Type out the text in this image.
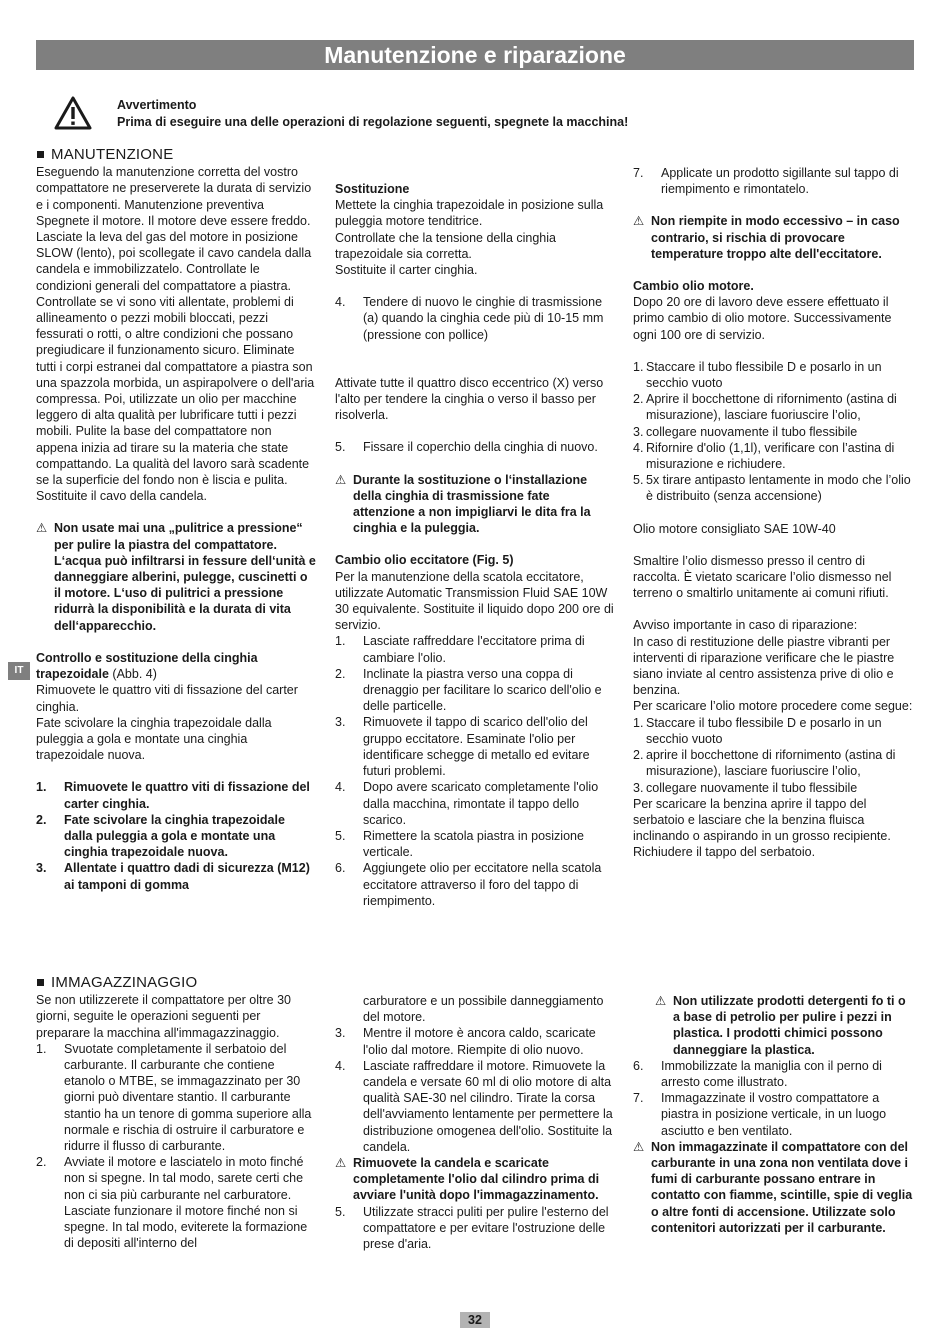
Manutenzione e riparazione
Avvertimento
Prima di eseguire una delle operazioni di regolazione seguenti, spegnete la macchina!
IT
MANUTENZIONE

Eseguendo la manutenzione corretta del vostro compattatore ne preserverete la durata di servizio e i componenti. Manutenzione preventiva Spegnete il motore. Il motore deve essere freddo. Lasciate la leva del gas del motore in posizione SLOW (lento), poi scollegate il cavo candela dalla candela e immobilizzatelo. Controllate le condizioni generali del compattatore a piastra. Controllate se vi sono viti allentate, problemi di allineamento o pezzi mobili bloccati, pezzi fessurati o rotti, o altre condizioni che possano pregiudicare il funzionamento sicuro. Eliminate tutti i corpi estranei dal compattatore a piastra son una spazzola morbida, un aspirapolvere o dell'aria compressa. Poi, utilizzate un olio per macchine leggero di alta qualità per lubrificare tutti i pezzi mobili. Pulite la base del compattatore non appena inizia ad tirare su la materia che state compattando. La qualità del lavoro sarà scadente se la superficie del fondo non è liscia e pulita. Sostituite il cavo della candela.

⚠ Non usate mai una „pulitrice a pressione“ per pulire la piastra del compattatore. L‘acqua può infiltrarsi in fessure dell‘unità e danneggiare alberini, pulegge, cuscinetti o il motore. L‘uso di pulitrici a pressione ridurrà la disponibilità e la durata di vita dell‘apparecchio.

Controllo e sostituzione della cinghia trapezoidale (Abb. 4)

Rimuovete le quattro viti di fissazione del carter cinghia.

Fate scivolare la cinghia trapezoidale dalla puleggia a gola e montate una cinghia trapezoidale nuova.

1.	Rimuovete le quattro viti di fissazione del carter cinghia.
2.	Fate scivolare la cinghia trapezoidale dalla puleggia a gola e montate una cinghia trapezoidale nuova.
3.	Allentate i quattro dadi di sicurezza (M12) ai tamponi di gomma

Sostituzione

Mettete la cinghia trapezoidale in posizione sulla puleggia motore tenditrice.

Controllate che la tensione della cinghia trapezoidale sia corretta.

Sostituite il carter cinghia.

4.	Tendere di nuovo le cinghie di trasmissione (a) quando la cinghia cede più di 10-15 mm (pressione con pollice)

Attivate tutte il quattro disco eccentrico (X) verso l'alto per tendere la cinghia o verso il basso per risolverla.

5.	Fissare il coperchio della cinghia di nuovo.
⚠ Durante la sostituzione o l‘installazione della cinghia di trasmissione fate attenzione a non impigliarvi le dita fra la cinghia e la puleggia.

Cambio olio eccitatore (Fig. 5)

Per la manutenzione della scatola eccitatore, utilizzate Automatic Transmission Fluid SAE 10W 30 equivalente. Sostituite il liquido dopo 200 ore di servizio.

1.	Lasciate raffreddare l'eccitatore prima di cambiare l'olio.
2.	Inclinate la piastra verso una coppa di drenaggio per facilitare lo scarico dell'olio e delle particelle.
3.	Rimuovete il tappo di scarico dell'olio del gruppo eccitatore. Esaminate l'olio per identificare schegge di metallo ed evitare futuri problemi.
4.	Dopo avere scaricato completamente l'olio dalla macchina, rimontate il tappo dello scarico.
5.	Rimettere la scatola piastra in posizione verticale.
6.	Aggiungete olio per eccitatore nella scatola eccitatore attraverso il foro del tappo di riempimento.
7.	Applicate un prodotto sigillante sul tappo di riempimento e rimontatelo.
⚠ Non riempite in modo eccessivo – in caso contrario, si rischia di provocare temperature troppo alte dell'eccitatore.

Cambio olio motore.

Dopo 20 ore di lavoro deve essere effettuato il primo cambio di olio motore. Successivamente ogni 100 ore di servizio.

1. Staccare il tubo flessibile D e posarlo in un secchio vuoto
2. Aprire il bocchettone di rifornimento (astina di misurazione), lasciare fuoriuscire l’olio,
3. collegare nuovamente il tubo flessibile
4. Rifornire d'olio (1,1l), verificare con l’astina di misurazione e richiudere.
5. 5x tirare antipasto lentamente in modo che l’olio è distribuito (senza accensione)

Olio motore consigliato SAE 10W-40

Smaltire l’olio dismesso presso il centro di raccolta. È vietato scaricare l’olio dismesso nel terreno o smaltirlo unitamente ai comuni rifiuti.

Avviso importante in caso di riparazione:

In caso di restituzione delle piastre vibranti per interventi di riparazione verificare che le piastre siano inviate al centro assistenza prive di olio e benzina.

Per scaricare l’olio motore procedere come segue:

1. Staccare il tubo flessibile D e posarlo in un secchio vuoto
2. aprire il bocchettone di rifornimento (astina di misurazione), lasciare fuoriuscire l’olio,
3. collegare nuovamente il tubo flessibile

Per scaricare la benzina aprire il tappo del serbatoio e lasciare che la benzina fluisca inclinando o aspirando in un grosso recipiente. Richiudere il tappo del serbatoio.

IMMAGAZZINAGGIO

Se non utilizzerete il compattatore per oltre 30 giorni, seguite le operazioni seguenti per preparare la macchina all'immagazzinaggio.

1.	Svuotate completamente il serbatoio del carburante. Il carburante che contiene etanolo o MTBE, se immagazzinato per 30 giorni può diventare stantio. Il carburante stantio ha un tenore di gomma superiore alla normale e rischia di ostruire il carburatore e ridurre il flusso di carburante.
2.	Avviate il motore e lasciatelo in moto finché non si spegne. In tal modo, sarete certi che non ci sia più carburante nel carburatore. Lasciate funzionare il motore finché non si spegne. In tal modo, eviterete la formazione di depositi all'interno del
carburatore e un possibile danneggiamento del motore.
3.	Mentre il motore è ancora caldo, scaricate l'olio dal motore. Riempite di olio nuovo.
4.	Lasciate raffreddare il motore. Rimuovete la candela e versate 60 ml di olio motore di alta qualità SAE-30 nel cilindro. Tirate la corsa dell'avviamento lentamente per permettere la distribuzione omogenea dell'olio. Sostituite la candela.
⚠ Rimuovete la candela e scaricate completamente l'olio dal cilindro prima di avviare l'unità dopo l'immagazzinamento.
5.	Utilizzate stracci puliti per pulire l'esterno del compattatore e per evitare l'ostruzione delle prese d'aria.
⚠ Non utilizzate prodotti detergenti fo ti o a base di petrolio per pulire i pezzi in plastica. I prodotti chimici possono danneggiare la plastica.
6.	Immobilizzate la maniglia con il perno di arresto come illustrato.
7.	Immagazzinate il vostro compattatore a piastra in posizione verticale, in un luogo asciutto e ben ventilato.
⚠ Non immagazzinate il compattatore con del carburante in una zona non ventilata dove i fumi di carburante possano entrare in contatto con fiamme, scintille, spie di veglia o altre fonti di accensione. Utilizzate solo contenitori autorizzati per il carburante.
32
